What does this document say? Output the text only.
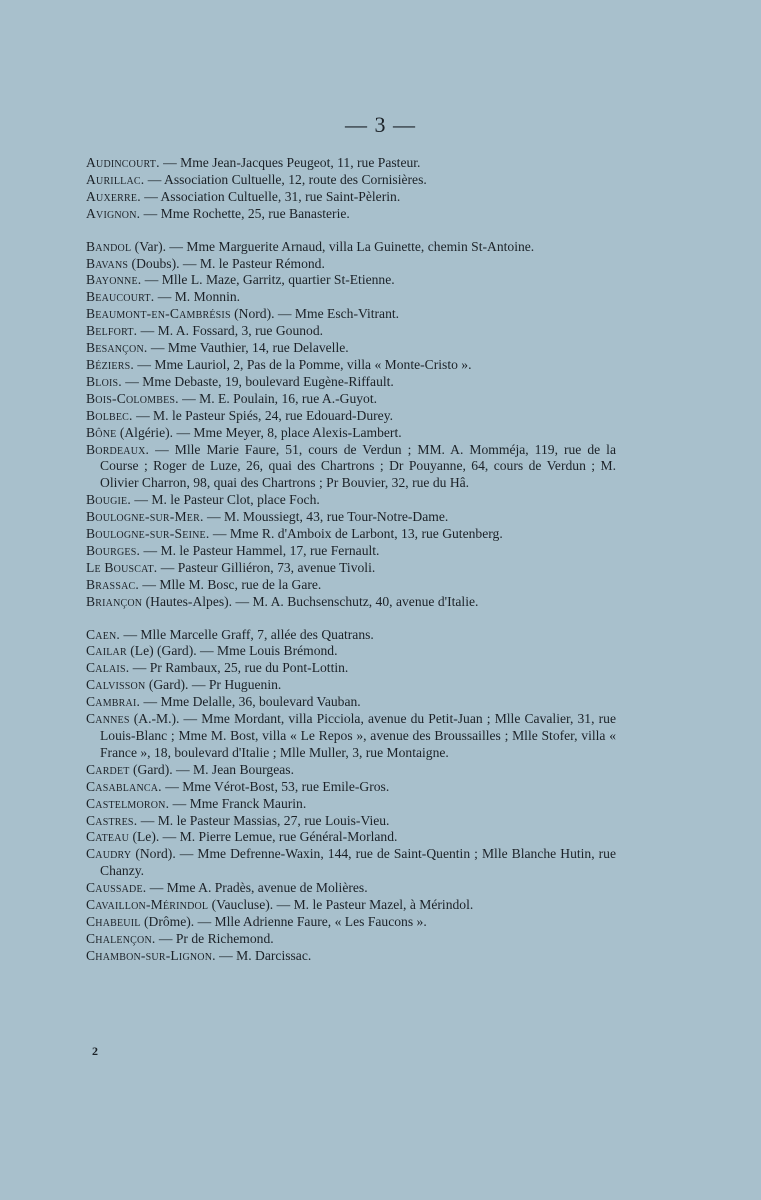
— 3 —
Audincourt. — Mme Jean-Jacques Peugeot, 11, rue Pasteur.
Aurillac. — Association Cultuelle, 12, route des Cornisières.
Auxerre. — Association Cultuelle, 31, rue Saint-Pèlerin.
Avignon. — Mme Rochette, 25, rue Banasterie.
Bandol (Var). — Mme Marguerite Arnaud, villa La Guinette, chemin St-Antoine.
Bavans (Doubs). — M. le Pasteur Rémond.
Bayonne. — Mlle L. Maze, Garritz, quartier St-Etienne.
Beaucourt. — M. Monnin.
Beaumont-en-Cambrésis (Nord). — Mme Esch-Vitrant.
Belfort. — M. A. Fossard, 3, rue Gounod.
Besançon. — Mme Vauthier, 14, rue Delavelle.
Béziers. — Mme Lauriol, 2, Pas de la Pomme, villa « Monte-Cristo ».
Blois. — Mme Debaste, 19, boulevard Eugène-Riffault.
Bois-Colombes. — M. E. Poulain, 16, rue A.-Guyot.
Bolbec. — M. le Pasteur Spiés, 24, rue Edouard-Durey.
Bône (Algérie). — Mme Meyer, 8, place Alexis-Lambert.
Bordeaux. — Mlle Marie Faure, 51, cours de Verdun ; MM. A. Momméja, 119, rue de la Course ; Roger de Luze, 26, quai des Chartrons ; Dr Pouyanne, 64, cours de Verdun ; M. Olivier Charron, 98, quai des Chartrons ; Pr Bouvier, 32, rue du Hâ.
Bougie. — M. le Pasteur Clot, place Foch.
Boulogne-sur-Mer. — M. Moussiegt, 43, rue Tour-Notre-Dame.
Boulogne-sur-Seine. — Mme R. d'Amboix de Larbont, 13, rue Gutenberg.
Bourges. — M. le Pasteur Hammel, 17, rue Fernault.
Le Bouscat. — Pasteur Gilliéron, 73, avenue Tivoli.
Brassac. — Mlle M. Bosc, rue de la Gare.
Briançon (Hautes-Alpes). — M. A. Buchsenschutz, 40, avenue d'Italie.
Caen. — Mlle Marcelle Graff, 7, allée des Quatrans.
Cailar (Le) (Gard). — Mme Louis Brémond.
Calais. — Pr Rambaux, 25, rue du Pont-Lottin.
Calvisson (Gard). — Pr Huguenin.
Cambrai. — Mme Delalle, 36, boulevard Vauban.
Cannes (A.-M.). — Mme Mordant, villa Picciola, avenue du Petit-Juan ; Mlle Cavalier, 31, rue Louis-Blanc ; Mme M. Bost, villa « Le Repos », avenue des Broussailles ; Mlle Stofer, villa « France », 18, boulevard d'Italie ; Mlle Muller, 3, rue Montaigne.
Cardet (Gard). — M. Jean Bourgeas.
Casablanca. — Mme Vérot-Bost, 53, rue Emile-Gros.
Castelmoron. — Mme Franck Maurin.
Castres. — M. le Pasteur Massias, 27, rue Louis-Vieu.
Cateau (Le). — M. Pierre Lemue, rue Général-Morland.
Caudry (Nord). — Mme Defrenne-Waxin, 144, rue de Saint-Quentin ; Mlle Blanche Hutin, rue Chanzy.
Caussade. — Mme A. Pradès, avenue de Molières.
Cavaillon-Mérindol (Vaucluse). — M. le Pasteur Mazel, à Mérindol.
Chabeuil (Drôme). — Mlle Adrienne Faure, « Les Faucons ».
Chalençon. — Pr de Richemond.
Chambon-sur-Lignon. — M. Darcissac.
2
